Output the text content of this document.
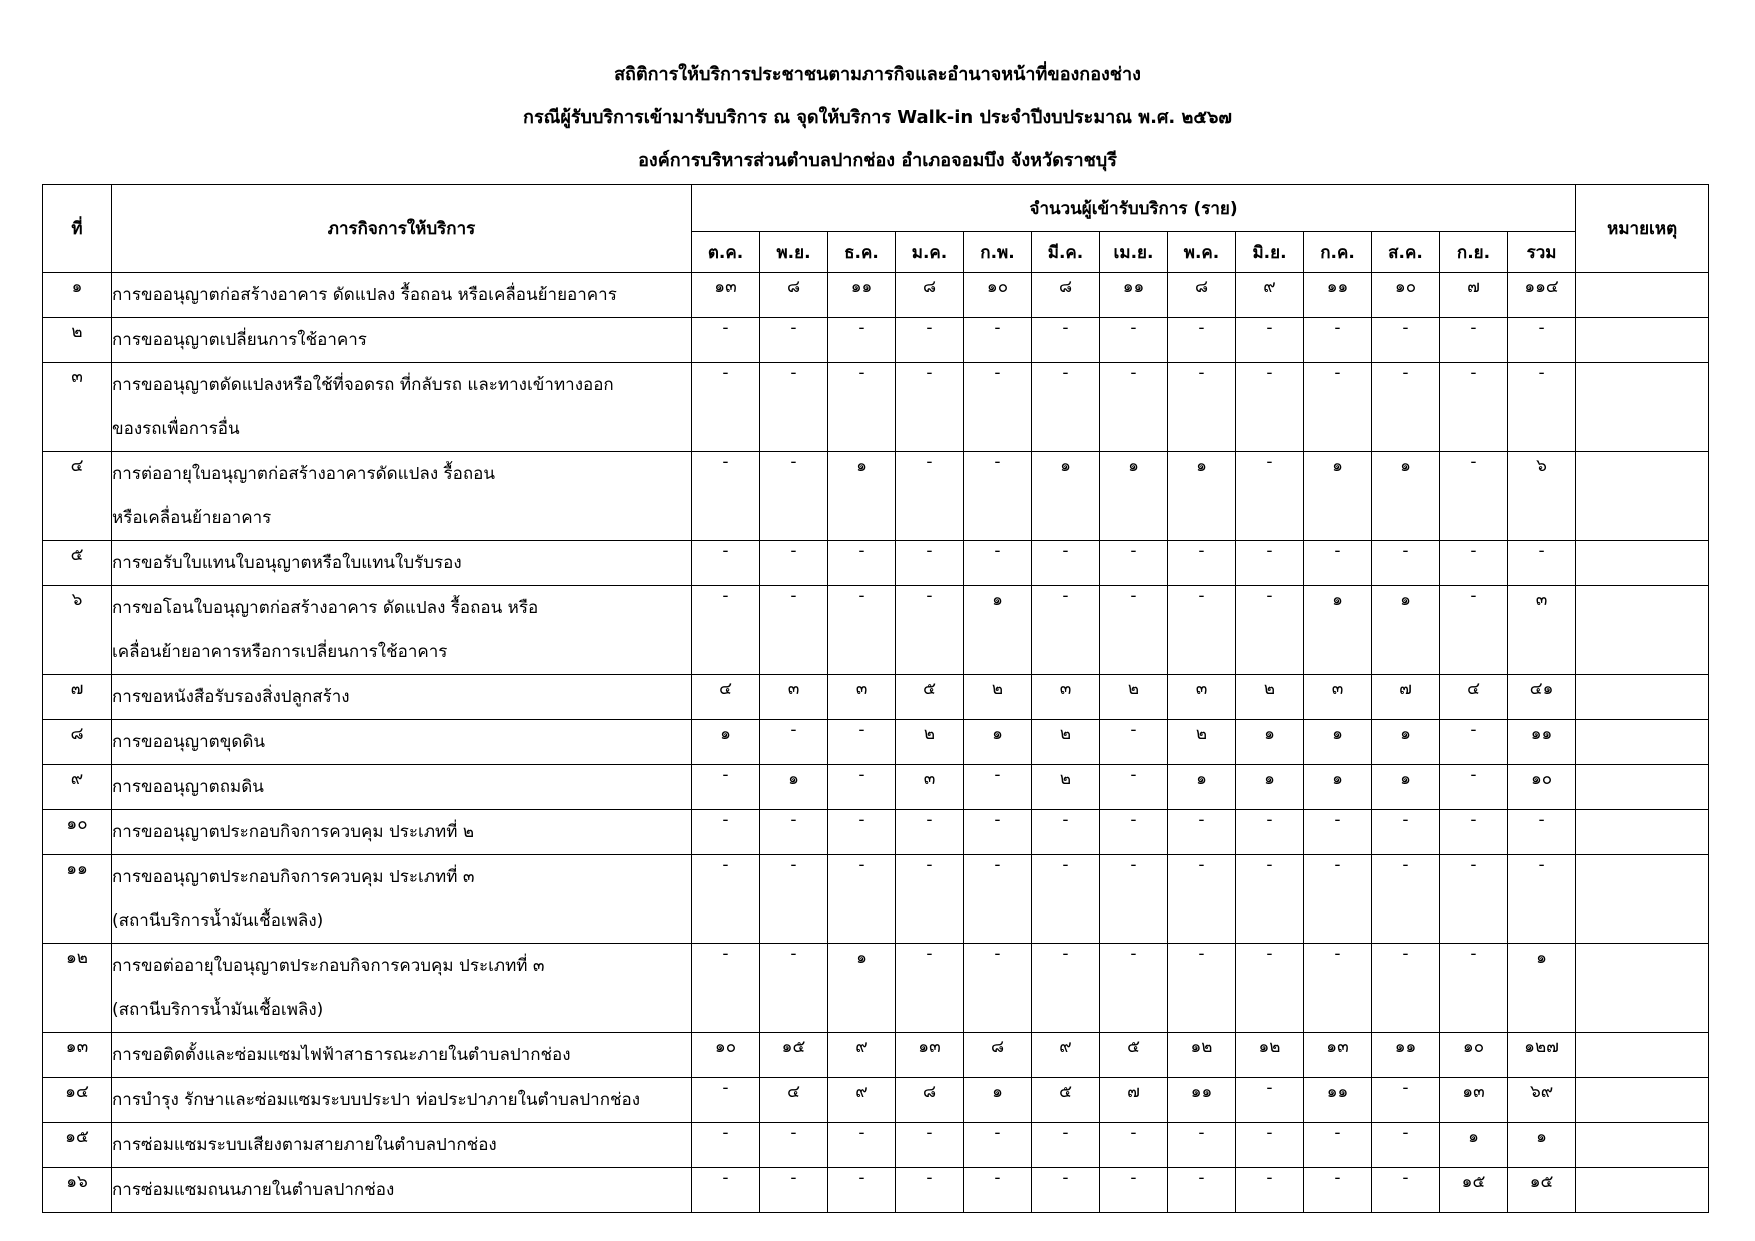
สถิติการให้บริการประชาชนตามภารกิจและอำนาจหน้าที่ของกองช่าง
กรณีผู้รับบริการเข้ามารับบริการ ณ จุดให้บริการ Walk-in ประจำปีงบประมาณ พ.ศ. ๒๕๖๗
องค์การบริหารส่วนตำบลปากช่อง อำเภอจอมบึง จังหวัดราชบุรี
ที่	ภารกิจการให้บริการ	จำนวนผู้เข้ารับบริการ (ราย)													หมายเหตุ
		ต.ค.	พ.ย.	ธ.ค.	ม.ค.	ก.พ.	มี.ค.	เม.ย.	พ.ค.	มิ.ย.	ก.ค.	ส.ค.	ก.ย.	รวม	
๑	การขออนุญาตก่อสร้างอาคาร ดัดแปลง รื้อถอน หรือเคลื่อนย้ายอาคาร	๑๓	๘	๑๑	๘	๑๐	๘	๑๑	๘	๙	๑๑	๑๐	๗	๑๑๔	
๒	การขออนุญาตเปลี่ยนการใช้อาคาร	-	-	-	-	-	-	-	-	-	-	-	-	-	
๓	การขออนุญาตดัดแปลงหรือใช้ที่จอดรถ ที่กลับรถ และทางเข้าทางออก
ของรถเพื่อการอื่น	-	-	-	-	-	-	-	-	-	-	-	-	-	
๔	การต่ออายุใบอนุญาตก่อสร้างอาคารดัดแปลง รื้อถอน
หรือเคลื่อนย้ายอาคาร	-	-	๑	-	-	๑	๑	๑	-	๑	๑	-	๖	
๕	การขอรับใบแทนใบอนุญาตหรือใบแทนใบรับรอง	-	-	-	-	-	-	-	-	-	-	-	-	-	
๖	การขอโอนใบอนุญาตก่อสร้างอาคาร ดัดแปลง รื้อถอน หรือ
เคลื่อนย้ายอาคารหรือการเปลี่ยนการใช้อาคาร	-	-	-	-	๑	-	-	-	-	๑	๑	-	๓	
๗	การขอหนังสือรับรองสิ่งปลูกสร้าง	๔	๓	๓	๕	๒	๓	๒	๓	๒	๓	๗	๔	๔๑	
๘	การขออนุญาตขุดดิน	๑	-	-	๒	๑	๒	-	๒	๑	๑	๑	-	๑๑	
๙	การขออนุญาตถมดิน	-	๑	-	๓	-	๒	-	๑	๑	๑	๑	-	๑๐	
๑๐	การขออนุญาตประกอบกิจการควบคุม ประเภทที่ ๒	-	-	-	-	-	-	-	-	-	-	-	-	-	
๑๑	การขออนุญาตประกอบกิจการควบคุม ประเภทที่ ๓
(สถานีบริการน้ำมันเชื้อเพลิง)	-	-	-	-	-	-	-	-	-	-	-	-	-	
๑๒	การขอต่ออายุใบอนุญาตประกอบกิจการควบคุม ประเภทที่ ๓
(สถานีบริการน้ำมันเชื้อเพลิง)	-	-	๑	-	-	-	-	-	-	-	-	-	๑	
๑๓	การขอติดตั้งและซ่อมแซมไฟฟ้าสาธารณะภายในตำบลปากช่อง	๑๐	๑๕	๙	๑๓	๘	๙	๕	๑๒	๑๒	๑๓	๑๑	๑๐	๑๒๗	
๑๔	การบำรุง รักษาและซ่อมแซมระบบประปา ท่อประปาภายในตำบลปากช่อง	-	๔	๙	๘	๑	๕	๗	๑๑	-	๑๑	-	๑๓	๖๙	
๑๕	การซ่อมแซมระบบเสียงตามสายภายในตำบลปากช่อง	-	-	-	-	-	-	-	-	-	-	-	๑	๑	
๑๖	การซ่อมแซมถนนภายในตำบลปากช่อง	-	-	-	-	-	-	-	-	-	-	-	๑๕	๑๕	
